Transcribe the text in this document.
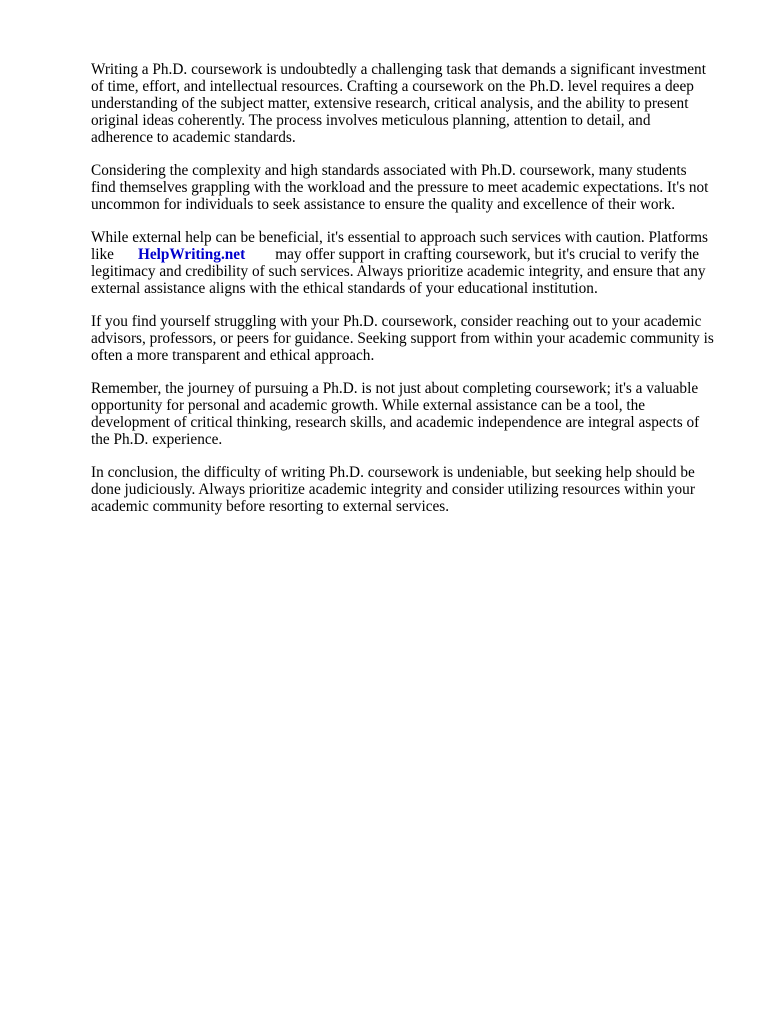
Writing a Ph.D. coursework is undoubtedly a challenging task that demands a significant investment
of time, effort, and intellectual resources. Crafting a coursework on the Ph.D. level requires a deep
understanding of the subject matter, extensive research, critical analysis, and the ability to present
original ideas coherently. The process involves meticulous planning, attention to detail, and
adherence to academic standards.

Considering the complexity and high standards associated with Ph.D. coursework, many students
find themselves grappling with the workload and the pressure to meet academic expectations. It's not
uncommon for individuals to seek assistance to ensure the quality and excellence of their work.

While external help can be beneficial, it's essential to approach such services with caution. Platforms
like HelpWriting.net may offer support in crafting coursework, but it's crucial to verify the
legitimacy and credibility of such services. Always prioritize academic integrity, and ensure that any
external assistance aligns with the ethical standards of your educational institution.

If you find yourself struggling with your Ph.D. coursework, consider reaching out to your academic
advisors, professors, or peers for guidance. Seeking support from within your academic community is
often a more transparent and ethical approach.

Remember, the journey of pursuing a Ph.D. is not just about completing coursework; it's a valuable
opportunity for personal and academic growth. While external assistance can be a tool, the
development of critical thinking, research skills, and academic independence are integral aspects of
the Ph.D. experience.

In conclusion, the difficulty of writing Ph.D. coursework is undeniable, but seeking help should be
done judiciously. Always prioritize academic integrity and consider utilizing resources within your
academic community before resorting to external services.
